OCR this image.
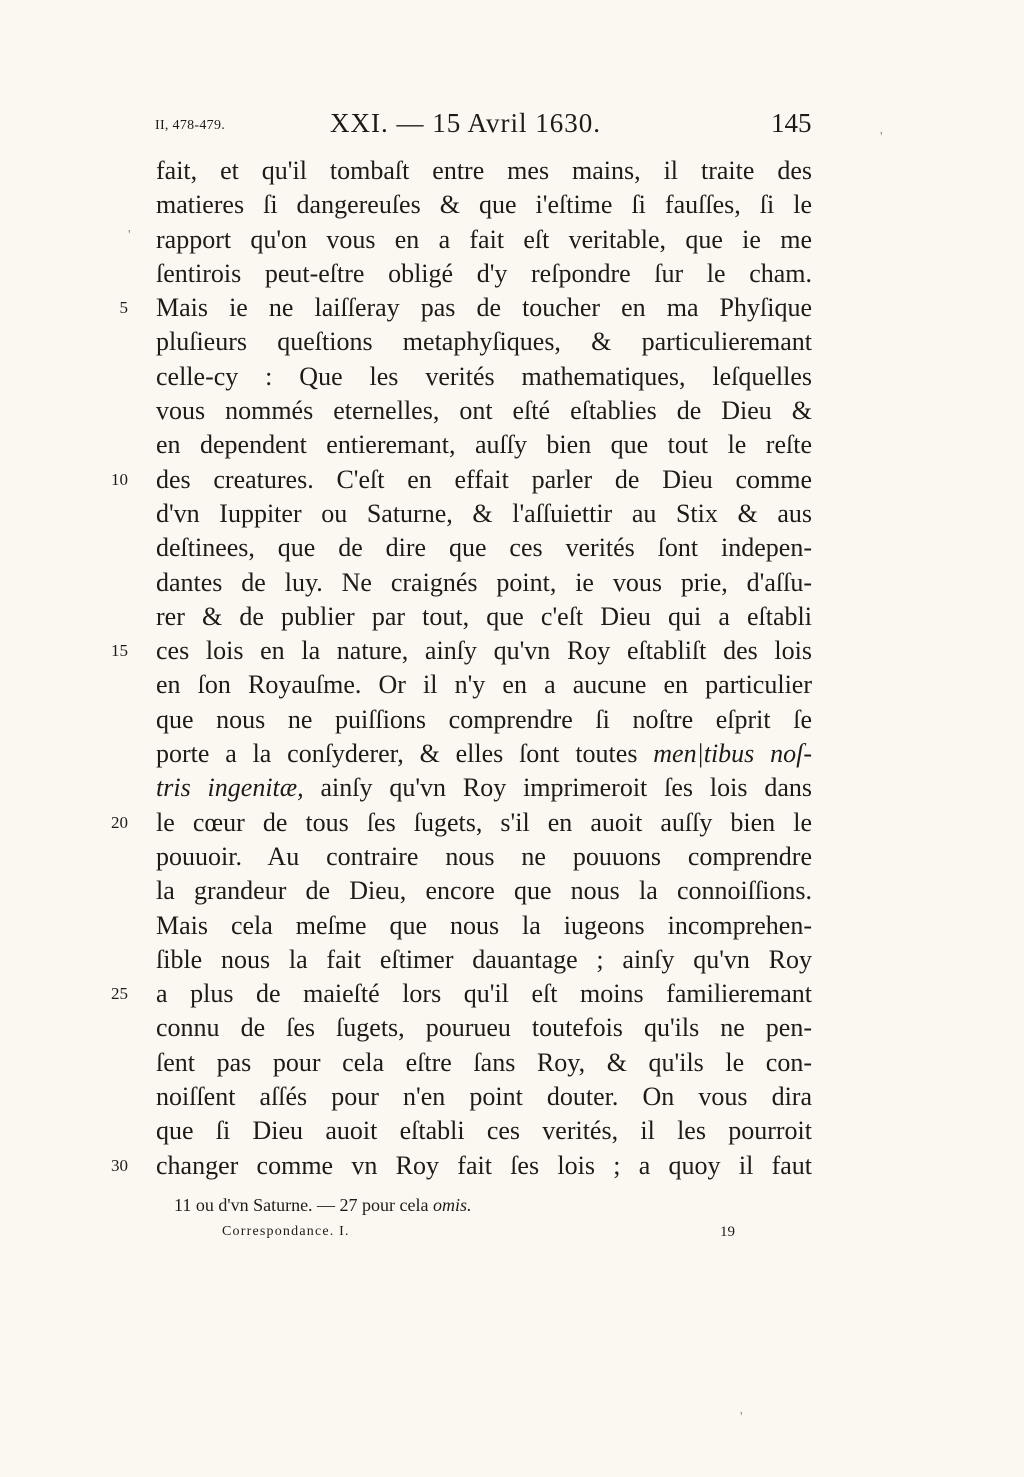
II, 478-479.	XXI. — 15 Avril 1630.	145
fait, et qu'il tombaſt entre mes mains, il traite des
matieres ſi dangereuſes & que i'eſtime ſi fauſſes, ſi le
rapport qu'on vous en a fait eſt veritable, que ie me
ſentirois peut-eſtre obligé d'y reſpondre ſur le cham.
5 Mais ie ne laiſſeray pas de toucher en ma Phyſique
pluſieurs queſtions metaphyſiques, & particulieremant
celle-cy : Que les verités mathematiques, leſquelles
vous nommés eternelles, ont eſté eſtablies de Dieu &
en dependent entieremant, auſſy bien que tout le reſte
10 des creatures. C'eſt en effait parler de Dieu comme
d'vn Iuppiter ou Saturne, & l'aſſuiettir au Stix & aus
deſtinees, que de dire que ces verités ſont indepen-
dantes de luy. Ne craignés point, ie vous prie, d'aſſu-
rer & de publier par tout, que c'eſt Dieu qui a eſtabli
15 ces lois en la nature, ainſy qu'vn Roy eſtabliſt des lois
en ſon Royauſme. Or il n'y en a aucune en particulier
que nous ne puiſſions comprendre ſi noſtre eſprit ſe
porte a la conſyderer, & elles ſont toutes men|tibus noſ-
tris ingenitæ, ainſy qu'vn Roy imprimeroit ſes lois dans
20 le cœur de tous ſes ſugets, s'il en auoit auſſy bien le
pouuoir. Au contraire nous ne pouuons comprendre
la grandeur de Dieu, encore que nous la connoiſſions.
Mais cela meſme que nous la iugeons incomprehen-
ſible nous la fait eſtimer dauantage ; ainſy qu'vn Roy
25 a plus de maieſté lors qu'il eſt moins familieremant
connu de ſes ſugets, pourueu toutefois qu'ils ne pen-
ſent pas pour cela eſtre ſans Roy, & qu'ils le con-
noiſſent aſſés pour n'en point douter. On vous dira
que ſi Dieu auoit eſtabli ces verités, il les pourroit
30 changer comme vn Roy fait ſes lois ; a quoy il faut
11 ou d'vn Saturne. — 27 pour cela omis.
Correspondance. I.	19
'
'
'
